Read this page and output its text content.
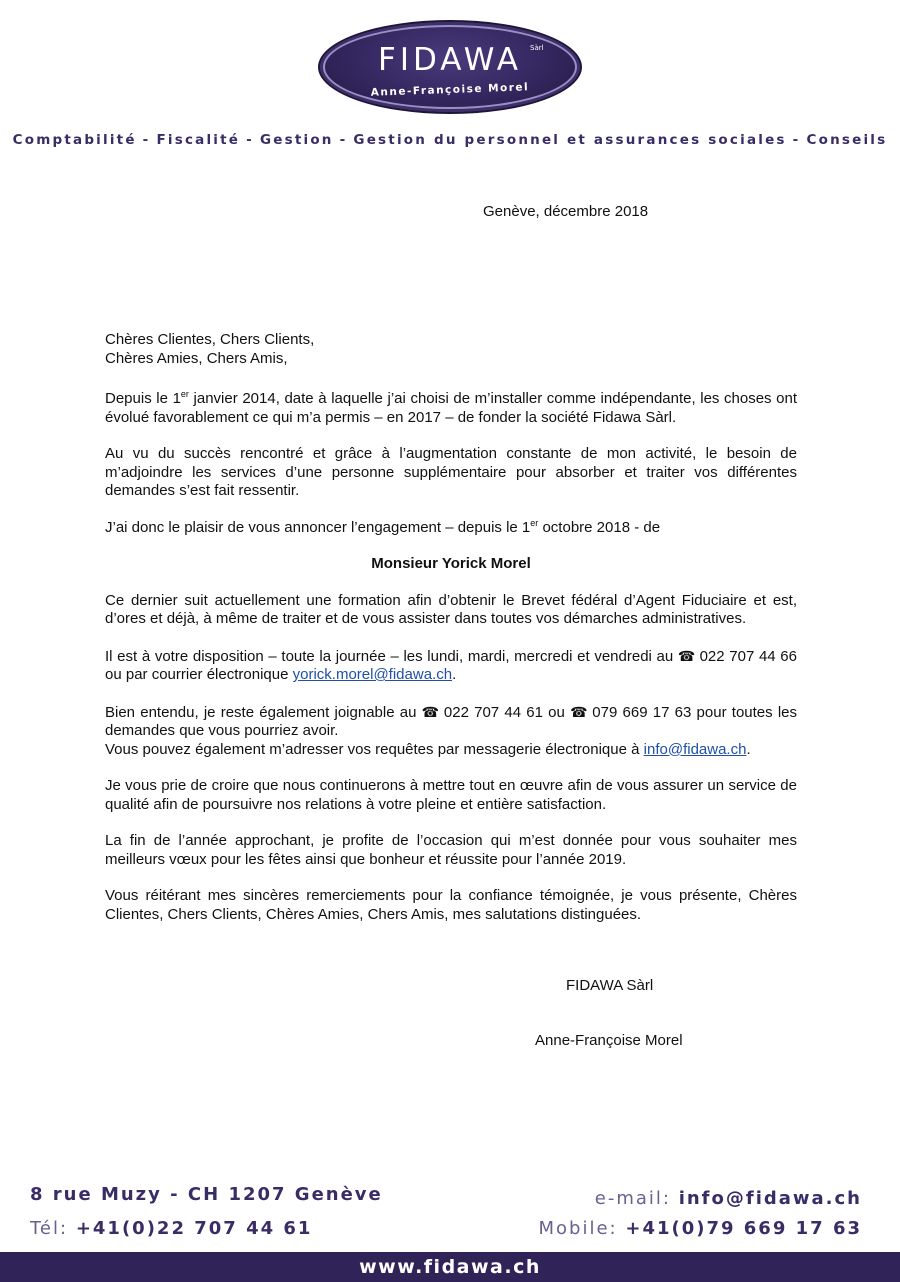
FIDAWA	Sàrl
Anne-Françoise Morel
Comptabilité - Fiscalité - Gestion - Gestion du personnel et assurances sociales - Conseils
Genève, décembre 2018

Chères Clientes, Chers Clients,
Chères Amies, Chers Amis,

Depuis le 1er janvier 2014, date à laquelle j’ai choisi de m’installer comme indépendante, les choses ont évolué favorablement ce qui m’a permis – en 2017 – de fonder la société Fidawa Sàrl.

Au vu du succès rencontré et grâce à l’augmentation constante de mon activité, le besoin de m’adjoindre les services d’une personne supplémentaire pour absorber et traiter vos différentes demandes s’est fait ressentir.

J’ai donc le plaisir de vous annoncer l’engagement – depuis le 1er octobre 2018 - de

Monsieur Yorick Morel

Ce dernier suit actuellement une formation afin d’obtenir le Brevet fédéral d’Agent Fiduciaire et est, d’ores et déjà, à même de traiter et de vous assister dans toutes vos démarches administratives.

Il est à votre disposition – toute la journée – les lundi, mardi, mercredi et vendredi au ☎ 022 707 44 66 ou par courrier électronique yorick.morel@fidawa.ch.

Bien entendu, je reste également joignable au ☎ 022 707 44 61 ou ☎ 079 669 17 63 pour toutes les demandes que vous pourriez avoir.
Vous pouvez également m’adresser vos requêtes par messagerie électronique à info@fidawa.ch.

Je vous prie de croire que nous continuerons à mettre tout en œuvre afin de vous assurer un service de qualité afin de poursuivre nos relations à votre pleine et entière satisfaction.

La fin de l’année approchant, je profite de l’occasion qui m’est donnée pour vous souhaiter mes meilleurs vœux pour les fêtes ainsi que bonheur et réussite pour l’année 2019.

Vous réitérant mes sincères remerciements pour la confiance témoignée, je vous présente, Chères Clientes, Chers Clients, Chères Amies, Chers Amis, mes salutations distinguées.

FIDAWA Sàrl
Anne-Françoise Morel
8 rue Muzy - CH 1207 Genève
Tél: +41(0)22 707 44 61
e-mail: info@fidawa.ch
Mobile: +41(0)79 669 17 63
www.fidawa.ch
